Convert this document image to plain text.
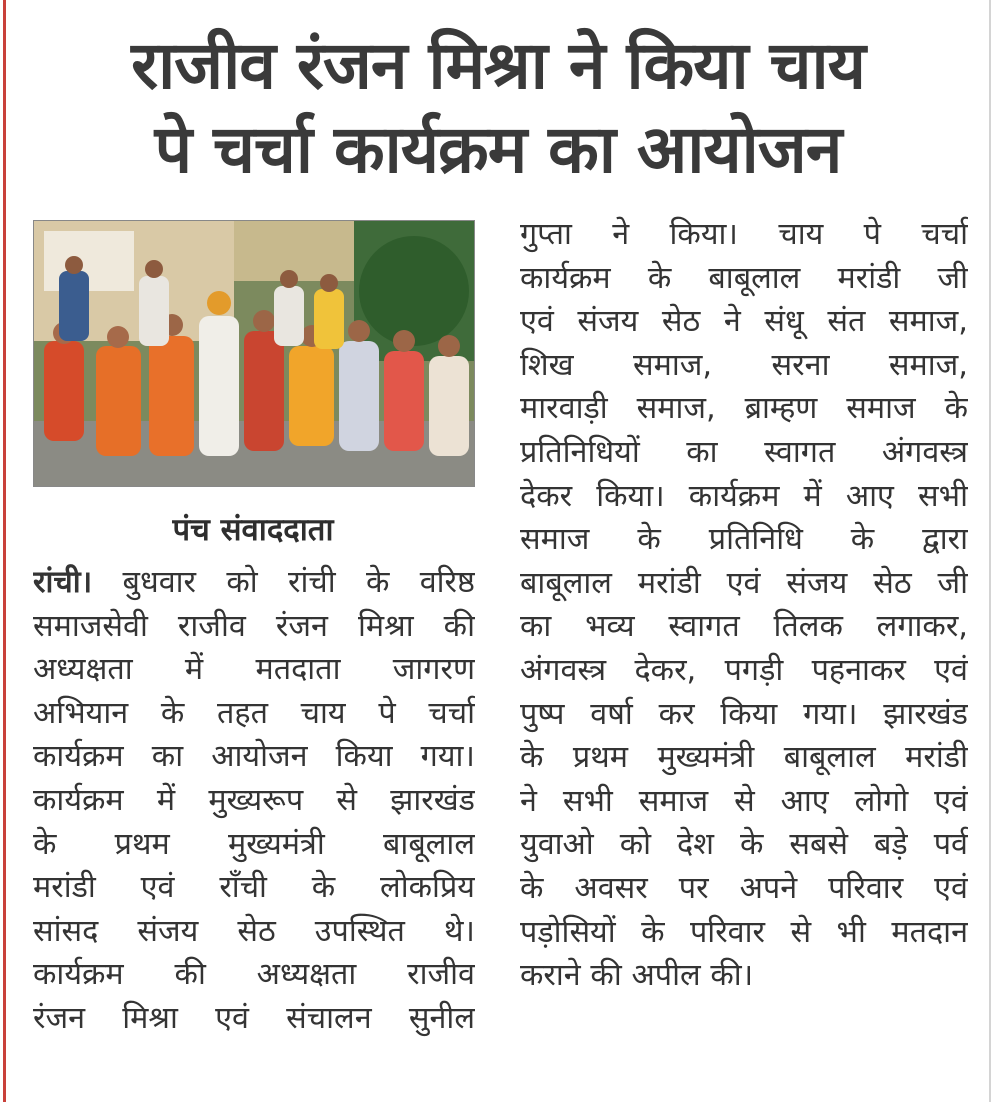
राजीव रंजन मिश्रा ने किया चाय
पे चर्चा कार्यक्रम का आयोजन
पंच संवाददाता
रांची। बुधवार को रांची के वरिष्ठ
समाजसेवी राजीव रंजन मिश्रा की
अध्यक्षता में मतदाता जागरण
अभियान के तहत चाय पे चर्चा
कार्यक्रम का आयोजन किया गया।
कार्यक्रम में मुख्यरूप से झारखंड
के प्रथम मुख्यमंत्री बाबूलाल
मरांडी एवं राँची के लोकप्रिय
सांसद संजय सेठ उपस्थित थे।
कार्यक्रम की अध्यक्षता राजीव
रंजन मिश्रा एवं संचालन सुनील
गुप्ता ने किया। चाय पे चर्चा
कार्यक्रम के बाबूलाल मरांडी जी
एवं संजय सेठ ने संधू संत समाज,
शिख समाज, सरना समाज,
मारवाड़ी समाज, ब्राम्हण समाज के
प्रतिनिधियों का स्वागत अंगवस्त्र
देकर किया। कार्यक्रम में आए सभी
समाज के प्रतिनिधि के द्वारा
बाबूलाल मरांडी एवं संजय सेठ जी
का भव्य स्वागत तिलक लगाकर,
अंगवस्त्र देकर, पगड़ी पहनाकर एवं
पुष्प वर्षा कर किया गया। झारखंड
के प्रथम मुख्यमंत्री बाबूलाल मरांडी
ने सभी समाज से आए लोगो एवं
युवाओ को देश के सबसे बड़े पर्व
के अवसर पर अपने परिवार एवं
पड़ोसियों के परिवार से भी मतदान
कराने की अपील की।
